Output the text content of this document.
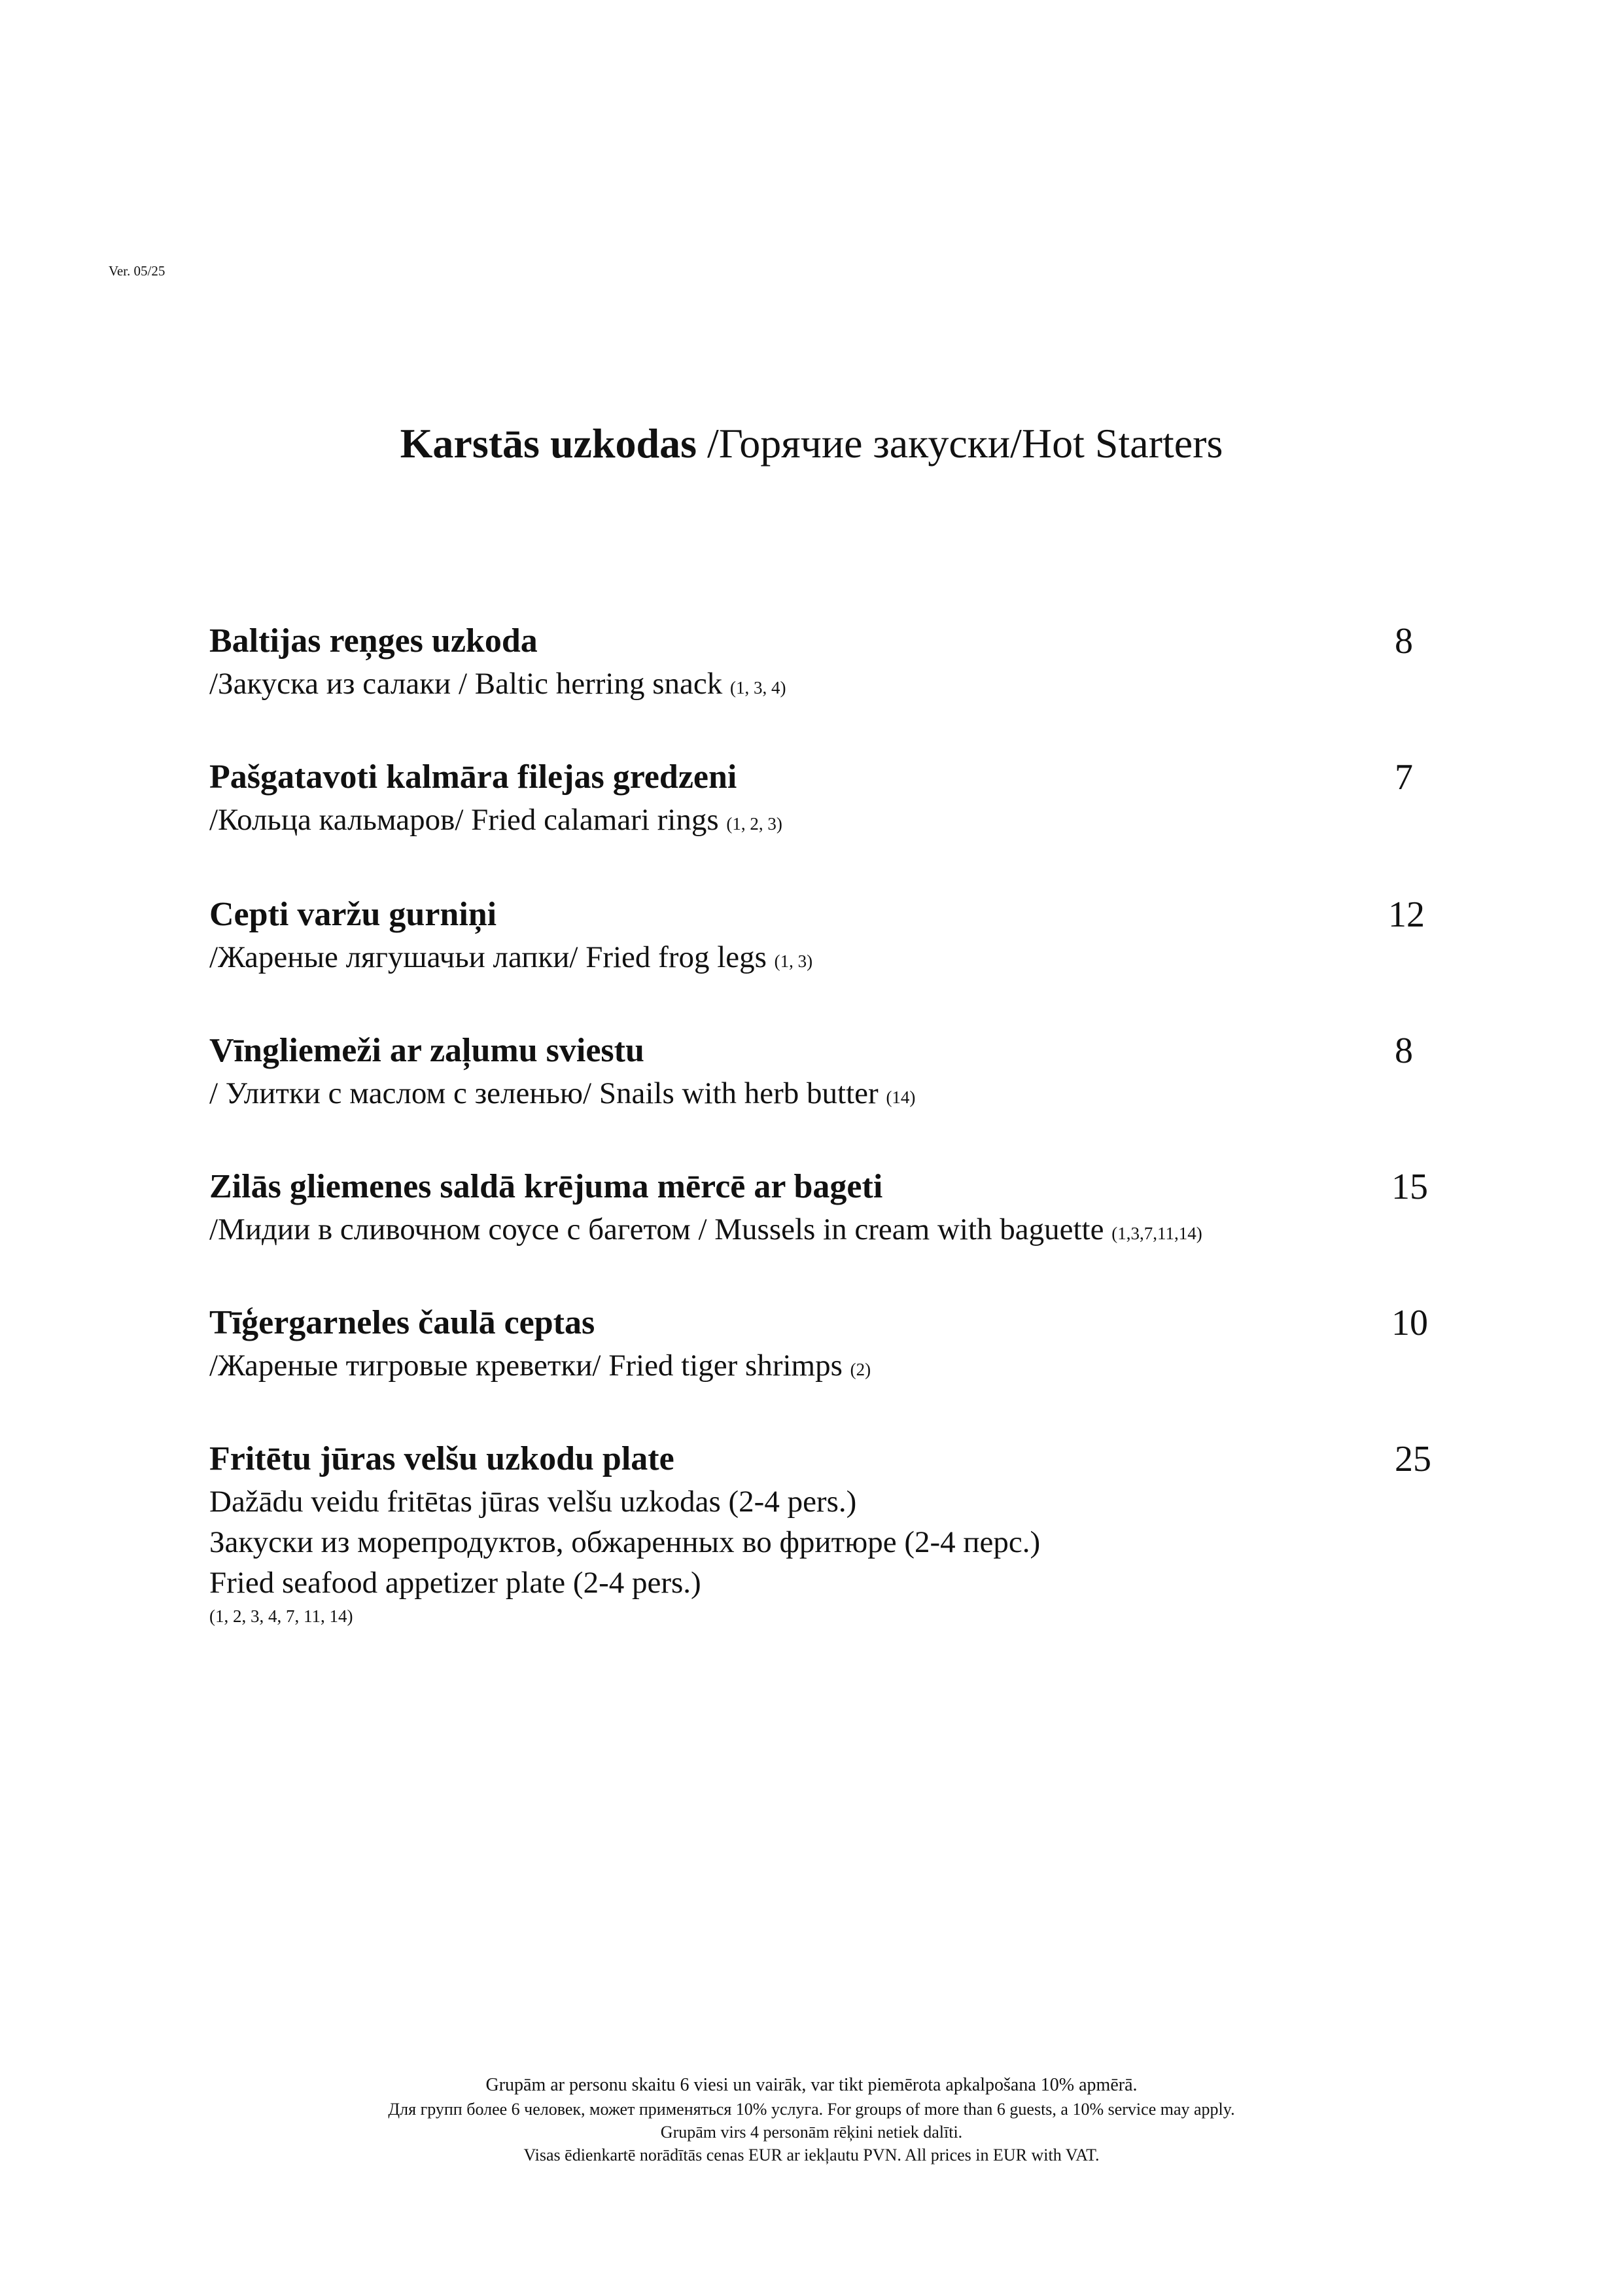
Ver. 05/25
Karstās uzkodas /Горячие закуски/Hot Starters
Baltijas reņges uzkoda	8
/Закуска из салаки / Baltic herring snack (1, 3, 4)
Pašgatavoti kalmāra filejas gredzeni	7
/Кольца кальмаров/ Fried calamari rings (1, 2, 3)
Cepti varžu gurniņi	12
/Жареные лягушачьи лапки/ Fried frog legs (1, 3)
Vīngliemeži ar zaļumu sviestu	8
/ Улитки с маслом с зеленью/ Snails with herb butter (14)
Zilās gliemenes saldā krējuma mērcē ar bageti	15
/Мидии в сливочном соусе с багетом / Mussels in cream with baguette (1,3,7,11,14)
Tīģergarneles čaulā ceptas	10
/Жареные тигровые креветки/ Fried tiger shrimps (2)
Fritētu jūras velšu uzkodu plate	25
Dažādu veidu fritētas jūras velšu uzkodas (2-4 pers.)
Закуски из морепродуктов, обжаренных во фритюре (2-4 перс.)
Fried seafood appetizer plate (2-4 pers.)
(1, 2, 3, 4, 7, 11, 14)
Grupām ar personu skaitu 6 viesi un vairāk, var tikt piemērota apkalpošana 10% apmērā.
Для групп более 6 человек, может применяться 10% услуга. For groups of more than 6 guests, a 10% service may apply.
Grupām virs 4 personām rēķini netiek dalīti.
Visas ēdienkartē norādītās cenas EUR ar iekļautu PVN. All prices in EUR with VAT.
